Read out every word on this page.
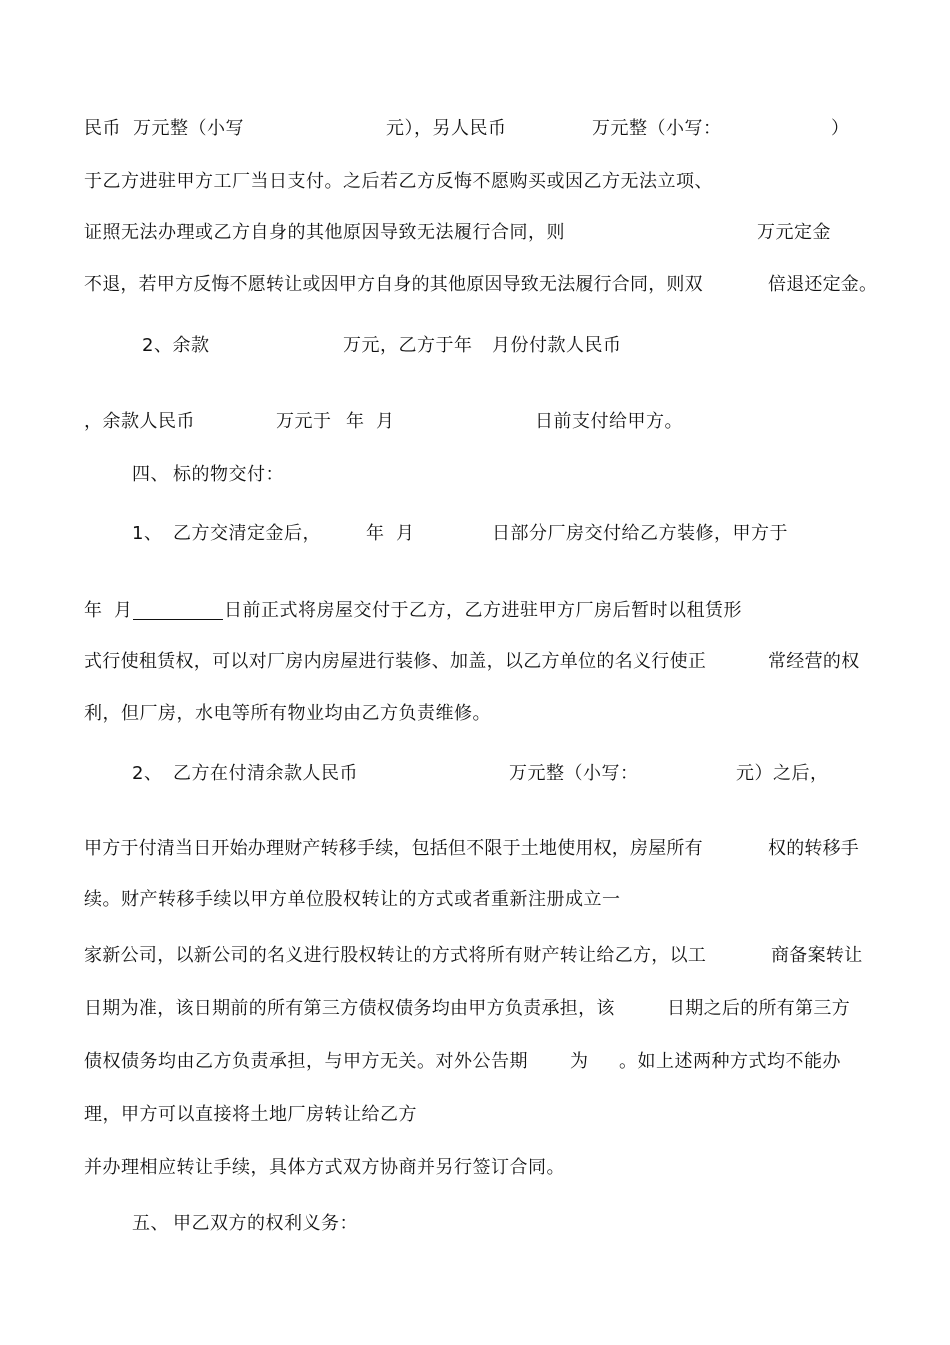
民币 万元整（小写	元），另人民币	万元整（小写：	）
于乙方进驻甲方工厂当日支付。之后若乙方反悔不愿购买或因乙方无法立项、
证照无法办理或乙方自身的其他原因导致无法履行合同，则	万元定金
不退，若甲方反悔不愿转让或因甲方自身的其他原因导致无法履行合同，则双	倍退还定金。
2、余款	万元，乙方于年 月份付款人民币
，余款人民币	万元于 年 月	日前支付给甲方。
四、 标的物交付：
1、 乙方交清定金后，	年 月	日部分厂房交付给乙方装修，甲方于
年 月	日前正式将房屋交付于乙方，乙方进驻甲方厂房后暂时以租赁形
式行使租赁权，可以对厂房内房屋进行装修、加盖，以乙方单位的名义行使正	常经营的权
利，但厂房，水电等所有物业均由乙方负责维修。
2、 乙方在付清余款人民币	万元整（小写：	元）之后，
甲方于付清当日开始办理财产转移手续，包括但不限于土地使用权，房屋所有	权的转移手
续。财产转移手续以甲方单位股权转让的方式或者重新注册成立一
家新公司，以新公司的名义进行股权转让的方式将所有财产转让给乙方，以工	商备案转让
日期为准，该日期前的所有第三方债权债务均由甲方负责承担，该	日期之后的所有第三方
债权债务均由乙方负责承担，与甲方无关。对外公告期 为 。如上述两种方式均不能办
理，甲方可以直接将土地厂房转让给乙方
并办理相应转让手续，具体方式双方协商并另行签订合同。
五、 甲乙双方的权利义务：
